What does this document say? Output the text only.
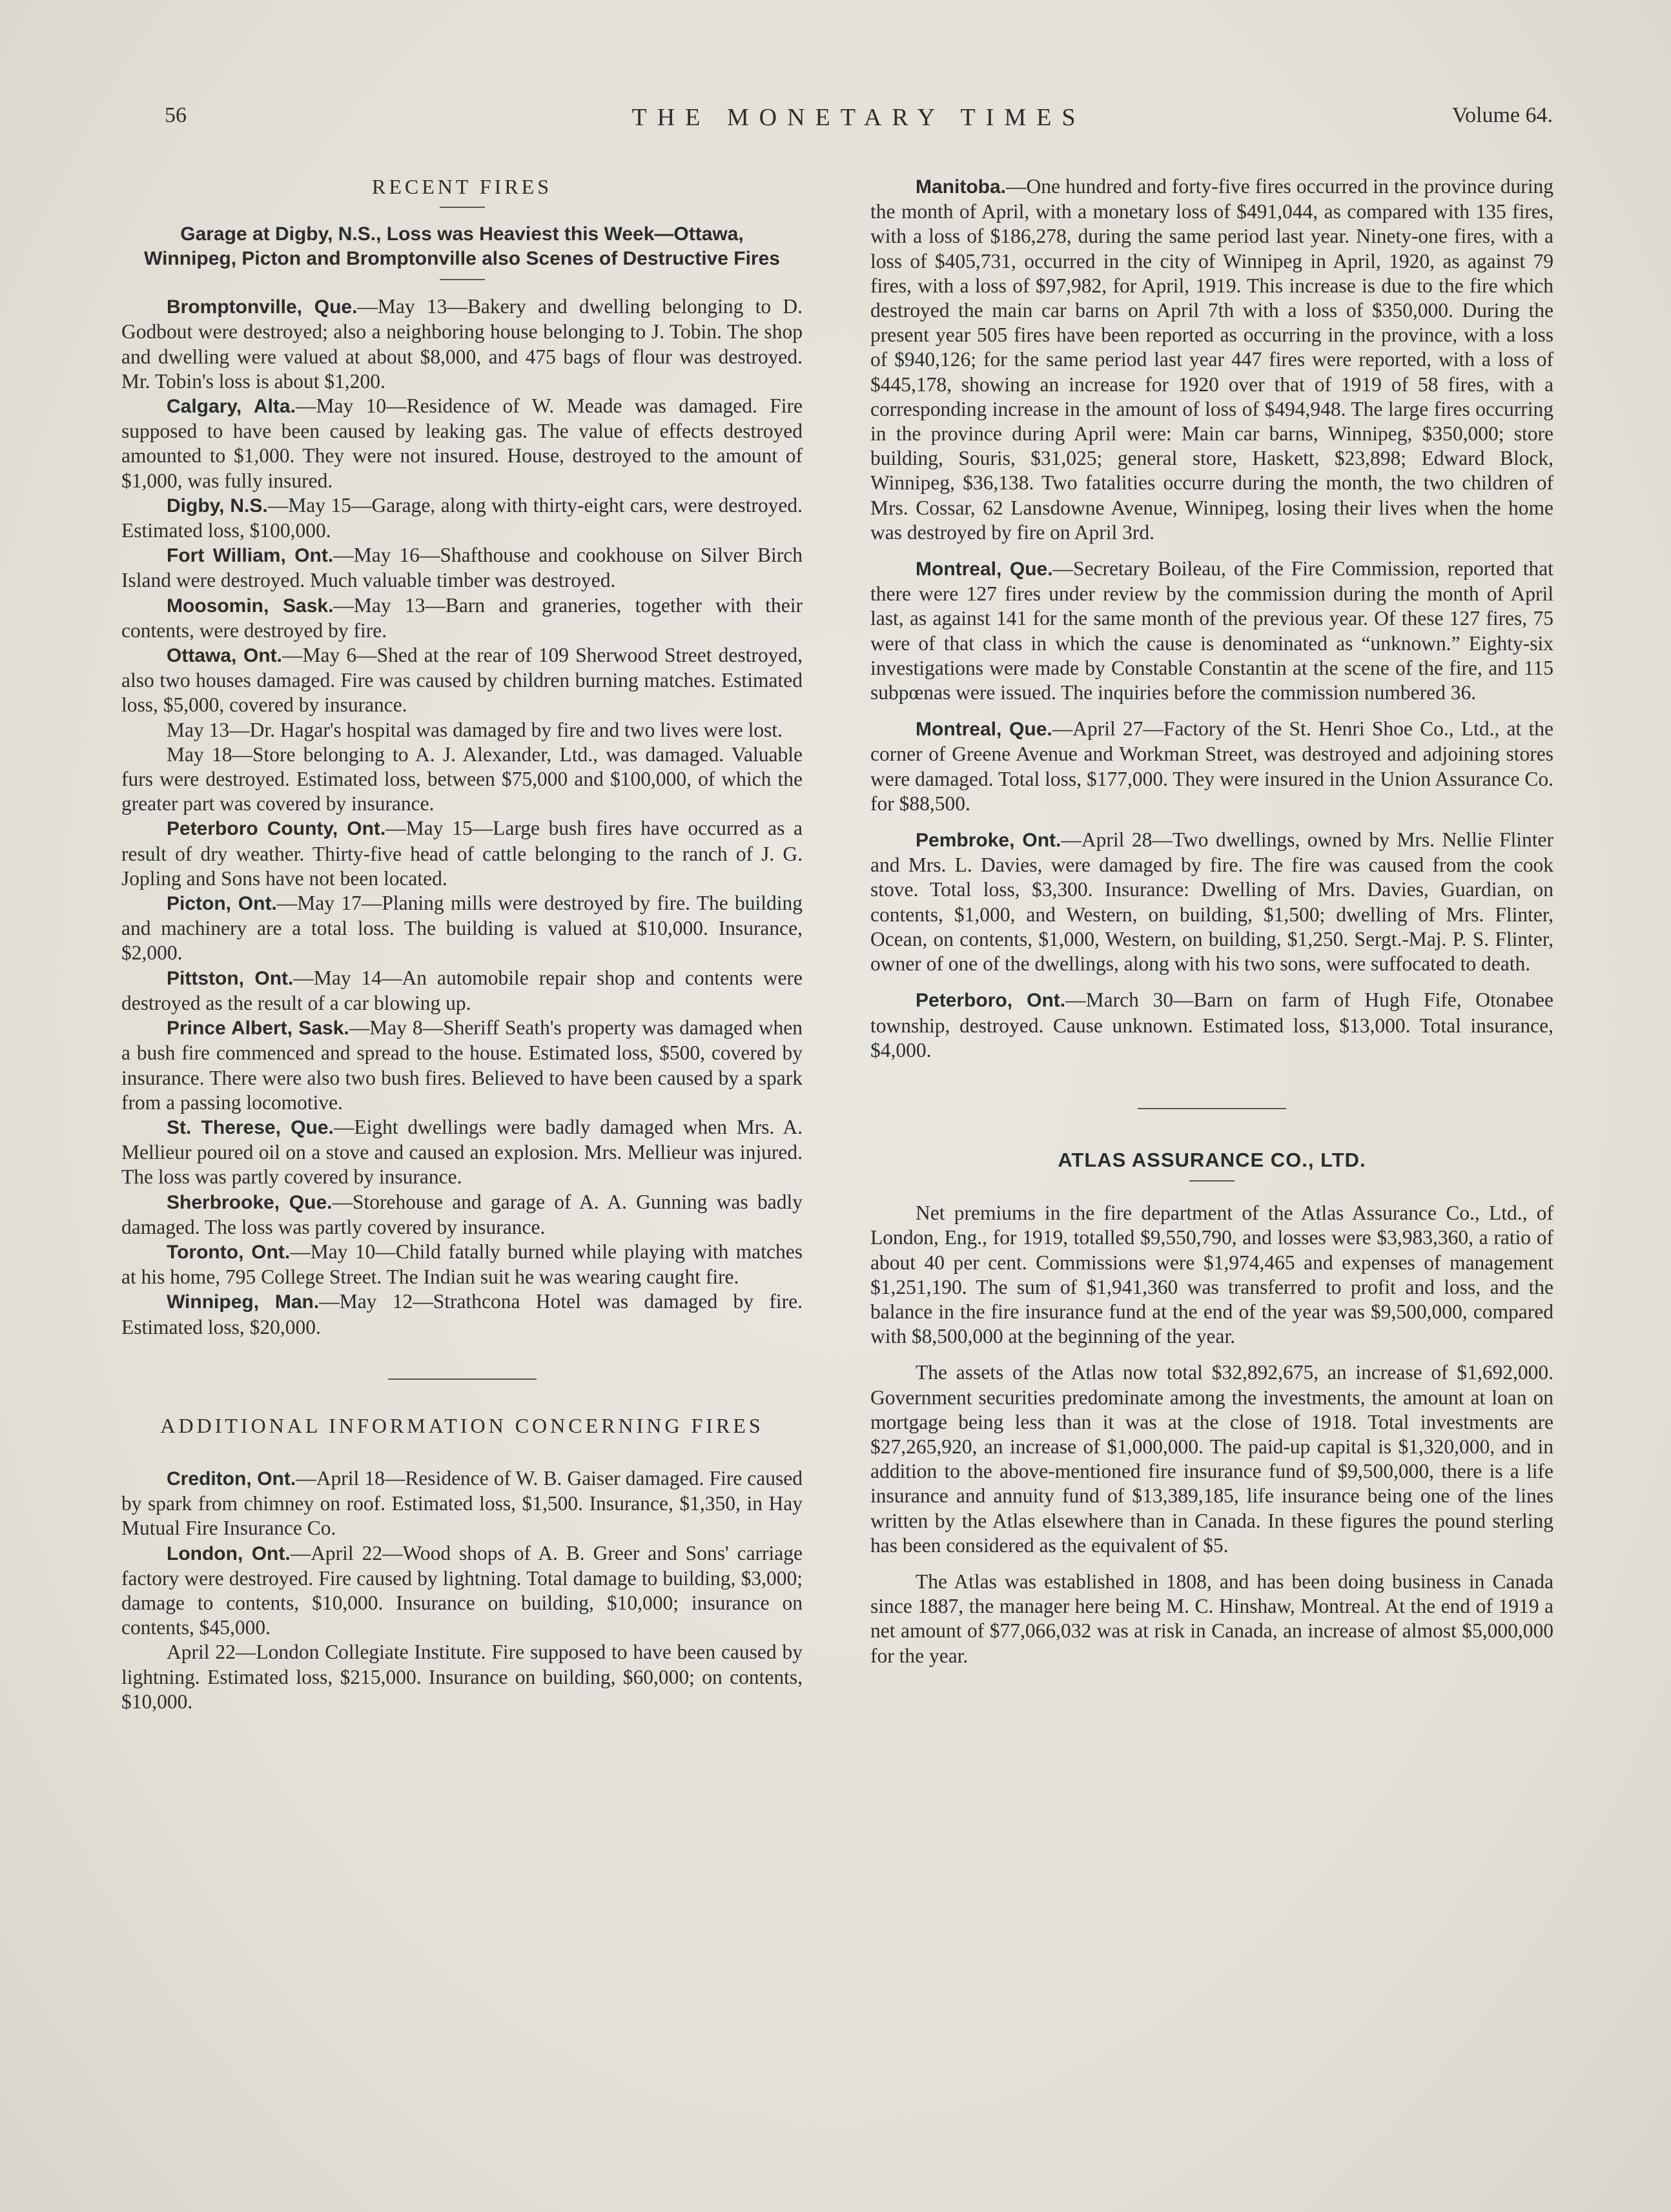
56	THE MONETARY TIMES	Volume 64.
RECENT FIRES
Garage at Digby, N.S., Loss was Heaviest this Week—Ottawa, Winnipeg, Picton and Bromptonville also Scenes of Destructive Fires

Bromptonville, Que.—May 13—Bakery and dwelling belonging to D. Godbout were destroyed; also a neighboring house belonging to J. Tobin. The shop and dwelling were valued at about $8,000, and 475 bags of flour was destroyed. Mr. Tobin's loss is about $1,200.

Calgary, Alta.—May 10—Residence of W. Meade was damaged. Fire supposed to have been caused by leaking gas. The value of effects destroyed amounted to $1,000. They were not insured. House, destroyed to the amount of $1,000, was fully insured.

Digby, N.S.—May 15—Garage, along with thirty-eight cars, were destroyed. Estimated loss, $100,000.

Fort William, Ont.—May 16—Shafthouse and cookhouse on Silver Birch Island were destroyed. Much valuable timber was destroyed.

Moosomin, Sask.—May 13—Barn and graneries, together with their contents, were destroyed by fire.

Ottawa, Ont.—May 6—Shed at the rear of 109 Sherwood Street destroyed, also two houses damaged. Fire was caused by children burning matches. Estimated loss, $5,000, covered by insurance.

May 13—Dr. Hagar's hospital was damaged by fire and two lives were lost.

May 18—Store belonging to A. J. Alexander, Ltd., was damaged. Valuable furs were destroyed. Estimated loss, between $75,000 and $100,000, of which the greater part was covered by insurance.

Peterboro County, Ont.—May 15—Large bush fires have occurred as a result of dry weather. Thirty-five head of cattle belonging to the ranch of J. G. Jopling and Sons have not been located.

Picton, Ont.—May 17—Planing mills were destroyed by fire. The building and machinery are a total loss. The building is valued at $10,000. Insurance, $2,000.

Pittston, Ont.—May 14—An automobile repair shop and contents were destroyed as the result of a car blowing up.

Prince Albert, Sask.—May 8—Sheriff Seath's property was damaged when a bush fire commenced and spread to the house. Estimated loss, $500, covered by insurance. There were also two bush fires. Believed to have been caused by a spark from a passing locomotive.

St. Therese, Que.—Eight dwellings were badly damaged when Mrs. A. Mellieur poured oil on a stove and caused an explosion. Mrs. Mellieur was injured. The loss was partly covered by insurance.

Sherbrooke, Que.—Storehouse and garage of A. A. Gunning was badly damaged. The loss was partly covered by insurance.

Toronto, Ont.—May 10—Child fatally burned while playing with matches at his home, 795 College Street. The Indian suit he was wearing caught fire.

Winnipeg, Man.—May 12—Strathcona Hotel was damaged by fire. Estimated loss, $20,000.

ADDITIONAL INFORMATION CONCERNING FIRES

Crediton, Ont.—April 18—Residence of W. B. Gaiser damaged. Fire caused by spark from chimney on roof. Estimated loss, $1,500. Insurance, $1,350, in Hay Mutual Fire Insurance Co.

London, Ont.—April 22—Wood shops of A. B. Greer and Sons' carriage factory were destroyed. Fire caused by lightning. Total damage to building, $3,000; damage to contents, $10,000. Insurance on building, $10,000; insurance on contents, $45,000.

April 22—London Collegiate Institute. Fire supposed to have been caused by lightning. Estimated loss, $215,000. Insurance on building, $60,000; on contents, $10,000.

Manitoba.—One hundred and forty-five fires occurred in the province during the month of April, with a monetary loss of $491,044, as compared with 135 fires, with a loss of $186,278, during the same period last year. Ninety-one fires, with a loss of $405,731, occurred in the city of Winnipeg in April, 1920, as against 79 fires, with a loss of $97,982, for April, 1919. This increase is due to the fire which destroyed the main car barns on April 7th with a loss of $350,000. During the present year 505 fires have been reported as occurring in the province, with a loss of $940,126; for the same period last year 447 fires were reported, with a loss of $445,178, showing an increase for 1920 over that of 1919 of 58 fires, with a corresponding increase in the amount of loss of $494,948. The large fires occurring in the province during April were: Main car barns, Winnipeg, $350,000; store building, Souris, $31,025; general store, Haskett, $23,898; Edward Block, Winnipeg, $36,138. Two fatalities occurre during the month, the two children of Mrs. Cossar, 62 Lansdowne Avenue, Winnipeg, losing their lives when the home was destroyed by fire on April 3rd.

Montreal, Que.—Secretary Boileau, of the Fire Commission, reported that there were 127 fires under review by the commission during the month of April last, as against 141 for the same month of the previous year. Of these 127 fires, 75 were of that class in which the cause is denominated as “unknown.” Eighty-six investigations were made by Constable Constantin at the scene of the fire, and 115 subpœnas were issued. The inquiries before the commission numbered 36.

Montreal, Que.—April 27—Factory of the St. Henri Shoe Co., Ltd., at the corner of Greene Avenue and Workman Street, was destroyed and adjoining stores were damaged. Total loss, $177,000. They were insured in the Union Assurance Co. for $88,500.

Pembroke, Ont.—April 28—Two dwellings, owned by Mrs. Nellie Flinter and Mrs. L. Davies, were damaged by fire. The fire was caused from the cook stove. Total loss, $3,300. Insurance: Dwelling of Mrs. Davies, Guardian, on contents, $1,000, and Western, on building, $1,500; dwelling of Mrs. Flinter, Ocean, on contents, $1,000, Western, on building, $1,250. Sergt.-Maj. P. S. Flinter, owner of one of the dwellings, along with his two sons, were suffocated to death.

Peterboro, Ont.—March 30—Barn on farm of Hugh Fife, Otonabee township, destroyed. Cause unknown. Estimated loss, $13,000. Total insurance, $4,000.

ATLAS ASSURANCE CO., LTD.

Net premiums in the fire department of the Atlas Assurance Co., Ltd., of London, Eng., for 1919, totalled $9,550,790, and losses were $3,983,360, a ratio of about 40 per cent. Commissions were $1,974,465 and expenses of management $1,251,190. The sum of $1,941,360 was transferred to profit and loss, and the balance in the fire insurance fund at the end of the year was $9,500,000, compared with $8,500,000 at the beginning of the year.

The assets of the Atlas now total $32,892,675, an increase of $1,692,000. Government securities predominate among the investments, the amount at loan on mortgage being less than it was at the close of 1918. Total investments are $27,265,920, an increase of $1,000,000. The paid-up capital is $1,320,000, and in addition to the above-mentioned fire insurance fund of $9,500,000, there is a life insurance and annuity fund of $13,389,185, life insurance being one of the lines written by the Atlas elsewhere than in Canada. In these figures the pound sterling has been considered as the equivalent of $5.

The Atlas was established in 1808, and has been doing business in Canada since 1887, the manager here being M. C. Hinshaw, Montreal. At the end of 1919 a net amount of $77,066,032 was at risk in Canada, an increase of almost $5,000,000 for the year.
